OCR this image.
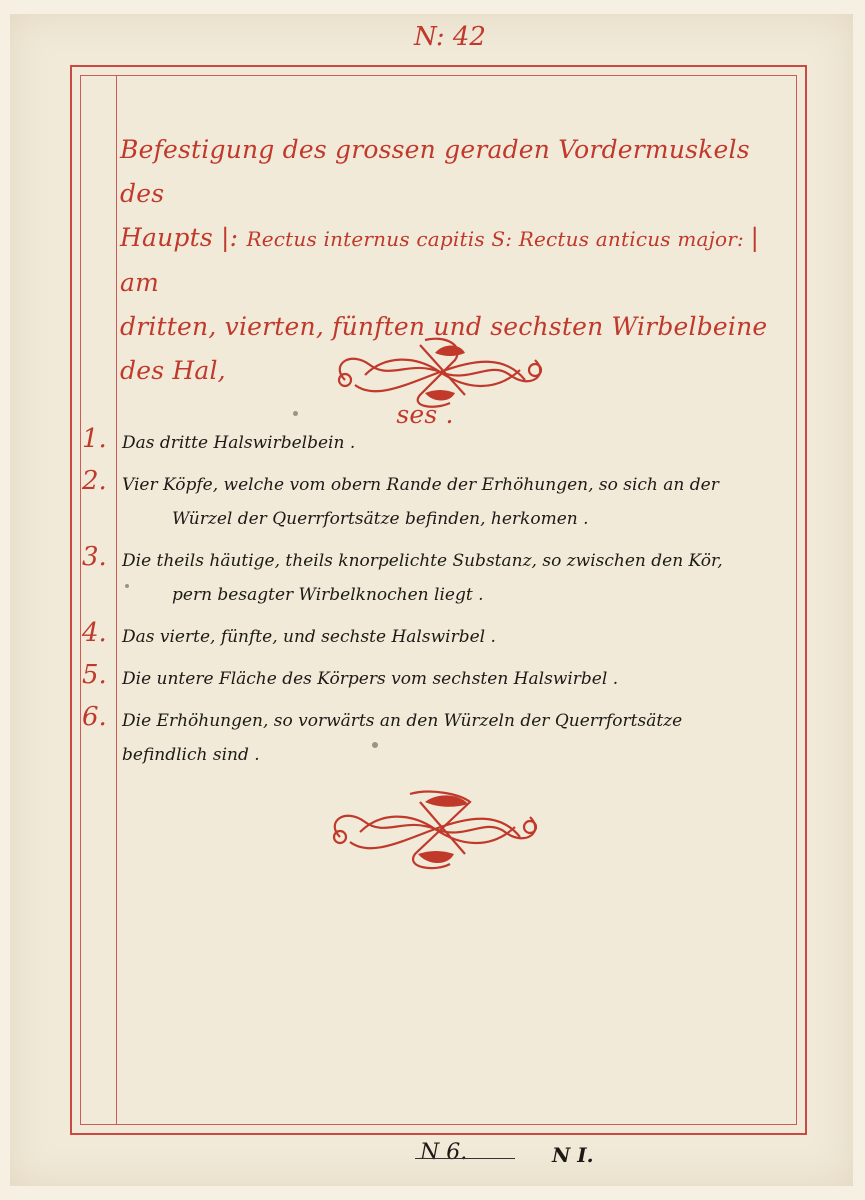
N: 42
Befestigung des grossen geraden Vordermuskels des
Haupts |: Rectus internus capitis S: Rectus anticus major: | am
dritten, vierten, fünften und sechsten Wirbelbeine des Hal,
ses .
1. Das dritte Halswirbelbein .
2. Vier Köpfe, welche vom obern Rande der Erhöhungen, so sich an der
Würzel der Querrfortsätze befinden, herkomen .
3. Die theils häutige, theils knorpelichte Substanz, so zwischen den Kör,
pern besagter Wirbelknochen liegt .
4. Das vierte, fünfte, und sechste Halswirbel .
5. Die untere Fläche des Körpers vom sechsten Halswirbel .
6. Die Erhöhungen, so vorwärts an den Würzeln der Querrfortsätze
befindlich sind .
N 6.	N I.
